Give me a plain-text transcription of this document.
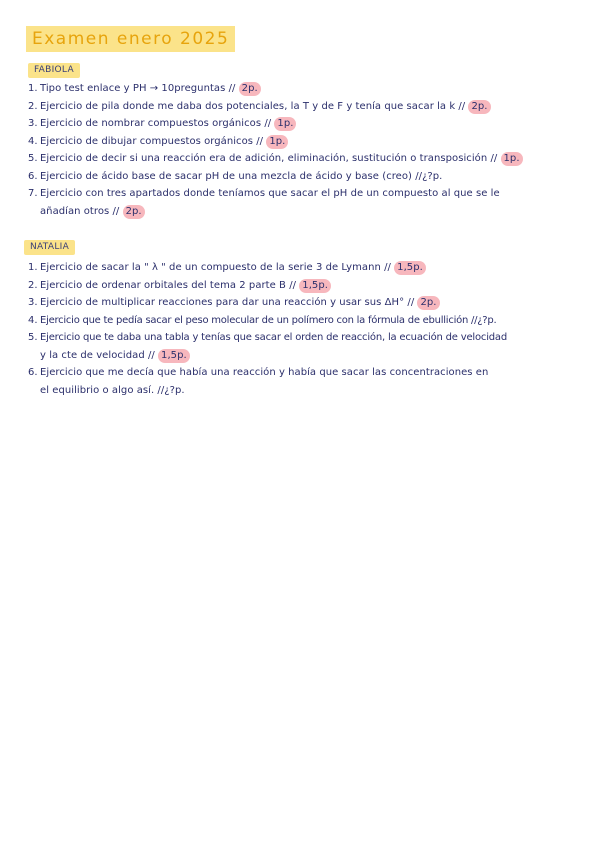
Examen enero 2025
FABIOLA
1. Tipo test enlace y PH → 10preguntas // 2p.
2. Ejercicio de pila donde me daba dos potenciales, la T y de F y tenía que sacar la k // 2p.
3. Ejercicio de nombrar compuestos orgánicos // 1p.
4. Ejercicio de dibujar compuestos orgánicos // 1p.
5. Ejercicio de decir si una reacción era de adición, eliminación, sustitución o transposición // 1p.
6. Ejercicio de ácido base de sacar pH de una mezcla de ácido y base (creo) //¿?p.
7. Ejercicio con tres apartados donde teníamos que sacar el pH de un compuesto al que se le
añadían otros // 2p.
NATALIA
1. Ejercicio de sacar la " λ " de un compuesto de la serie 3 de Lymann // 1,5p.
2. Ejercicio de ordenar orbitales del tema 2 parte B // 1,5p.
3. Ejercicio de multiplicar reacciones para dar una reacción y usar sus ΔH° // 2p.
4. Ejercicio que te pedía sacar el peso molecular de un polímero con la fórmula de ebullición //¿?p.
5. Ejercicio que te daba una tabla y tenías que sacar el orden de reacción, la ecuación de velocidad
y la cte de velocidad // 1,5p.
6. Ejercicio que me decía que había una reacción y había que sacar las concentraciones en
el equilibrio o algo así. //¿?p.
